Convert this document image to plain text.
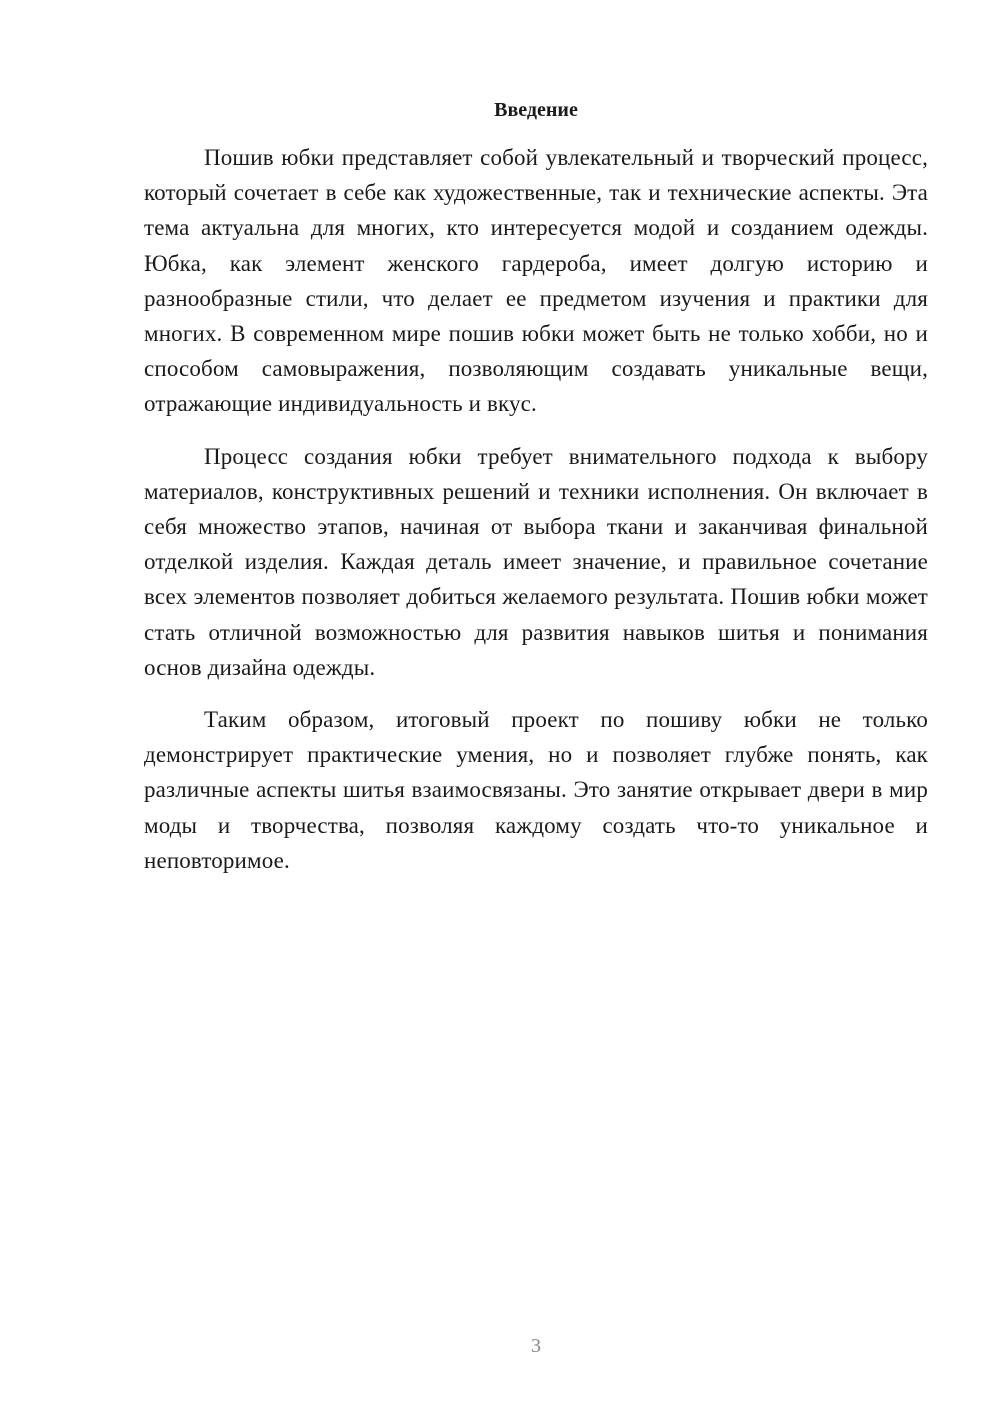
Введение

Пошив юбки представляет собой увлекательный и творческий процесс, который сочетает в себе как художественные, так и технические аспекты. Эта тема актуальна для многих, кто интересуется модой и созданием одежды. Юбка, как элемент женского гардероба, имеет долгую историю и разнообразные стили, что делает ее предметом изучения и практики для многих. В современном мире пошив юбки может быть не только хобби, но и способом самовыражения, позволяющим создавать уникальные вещи, отражающие индивидуальность и вкус.

Процесс создания юбки требует внимательного подхода к выбору материалов, конструктивных решений и техники исполнения. Он включает в себя множество этапов, начиная от выбора ткани и заканчивая финальной отделкой изделия. Каждая деталь имеет значение, и правильное сочетание всех элементов позволяет добиться желаемого результата. Пошив юбки может стать отличной возможностью для развития навыков шитья и понимания основ дизайна одежды.

Таким образом, итоговый проект по пошиву юбки не только демонстрирует практические умения, но и позволяет глубже понять, как различные аспекты шитья взаимосвязаны. Это занятие открывает двери в мир моды и творчества, позволяя каждому создать что-то уникальное и неповторимое.

3
